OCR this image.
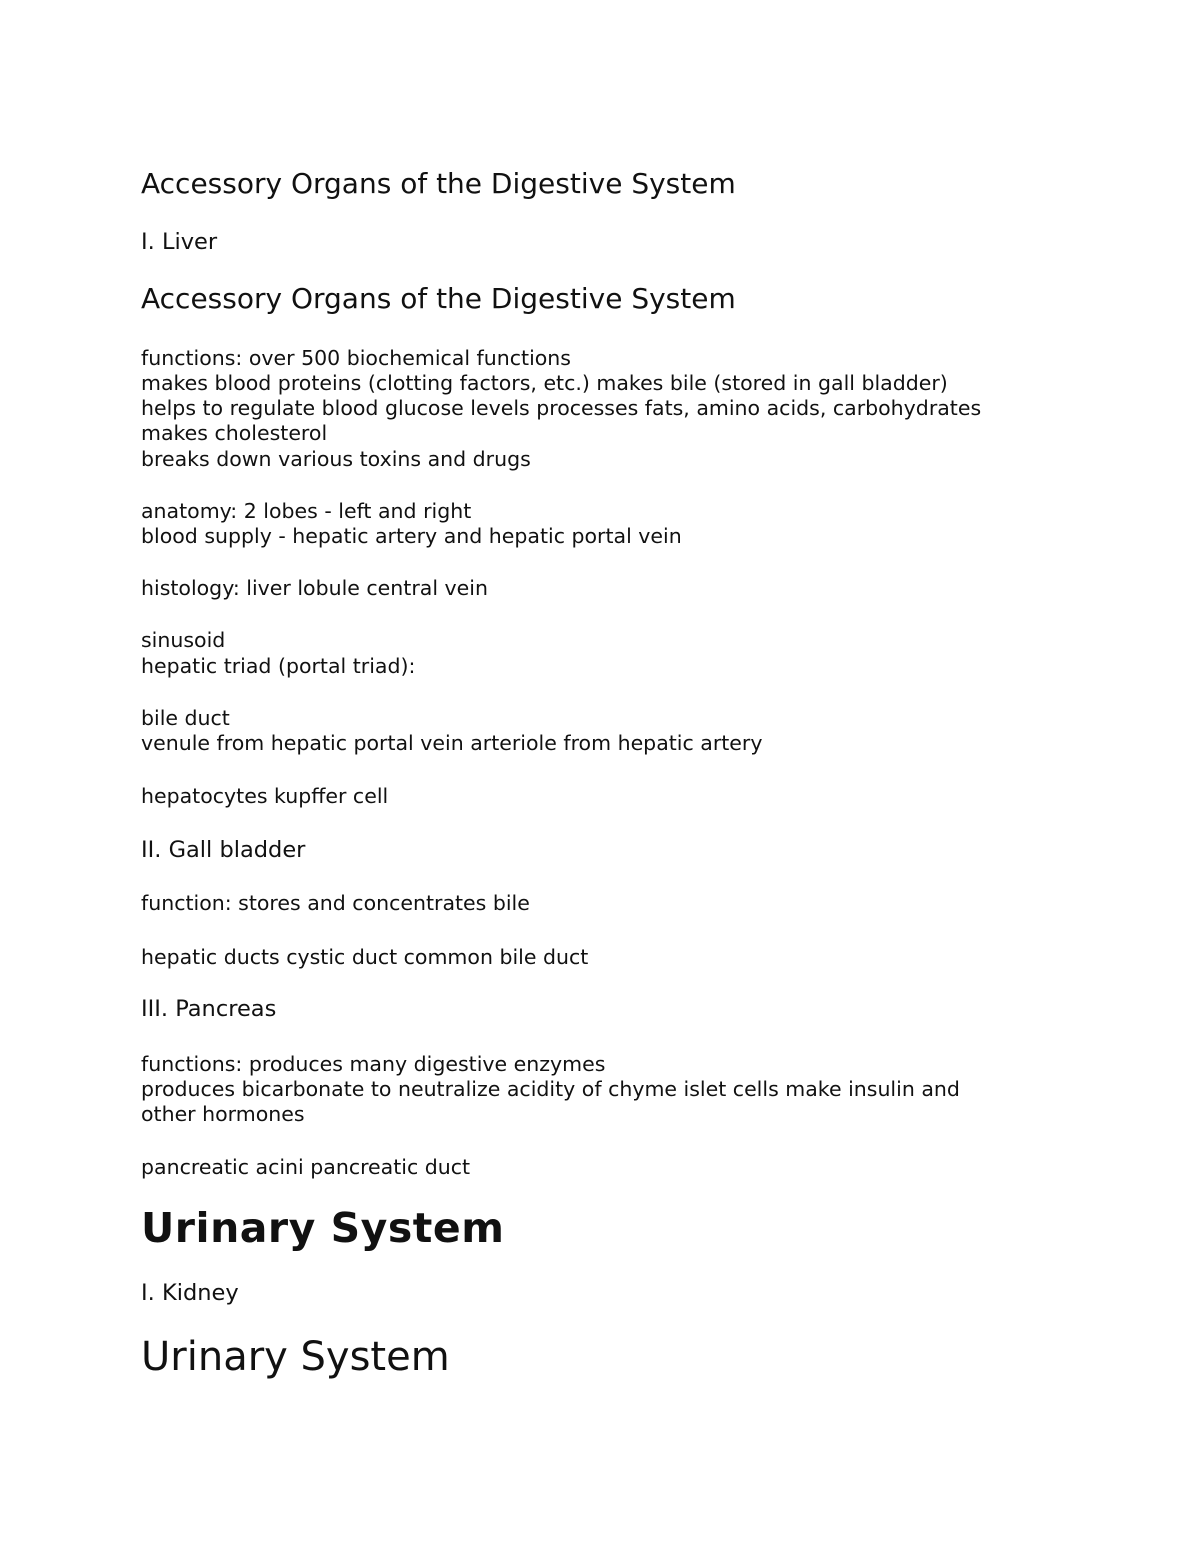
Accessory Organs of the Digestive System

I. Liver

Accessory Organs of the Digestive System

functions: over 500 biochemical functions

makes blood proteins (clotting factors, etc.) makes bile (stored in gall bladder)

helps to regulate blood glucose levels processes fats, amino acids, carbohydrates

makes cholesterol

breaks down various toxins and drugs

anatomy: 2 lobes - left and right

blood supply - hepatic artery and hepatic portal vein

histology: liver lobule central vein

sinusoid

hepatic triad (portal triad):

bile duct

venule from hepatic portal vein arteriole from hepatic artery

hepatocytes kupffer cell

II. Gall bladder

function: stores and concentrates bile

hepatic ducts cystic duct common bile duct

III. Pancreas

functions: produces many digestive enzymes

produces bicarbonate to neutralize acidity of chyme islet cells make insulin and

other hormones

pancreatic acini pancreatic duct

Urinary System

I. Kidney

Urinary System
